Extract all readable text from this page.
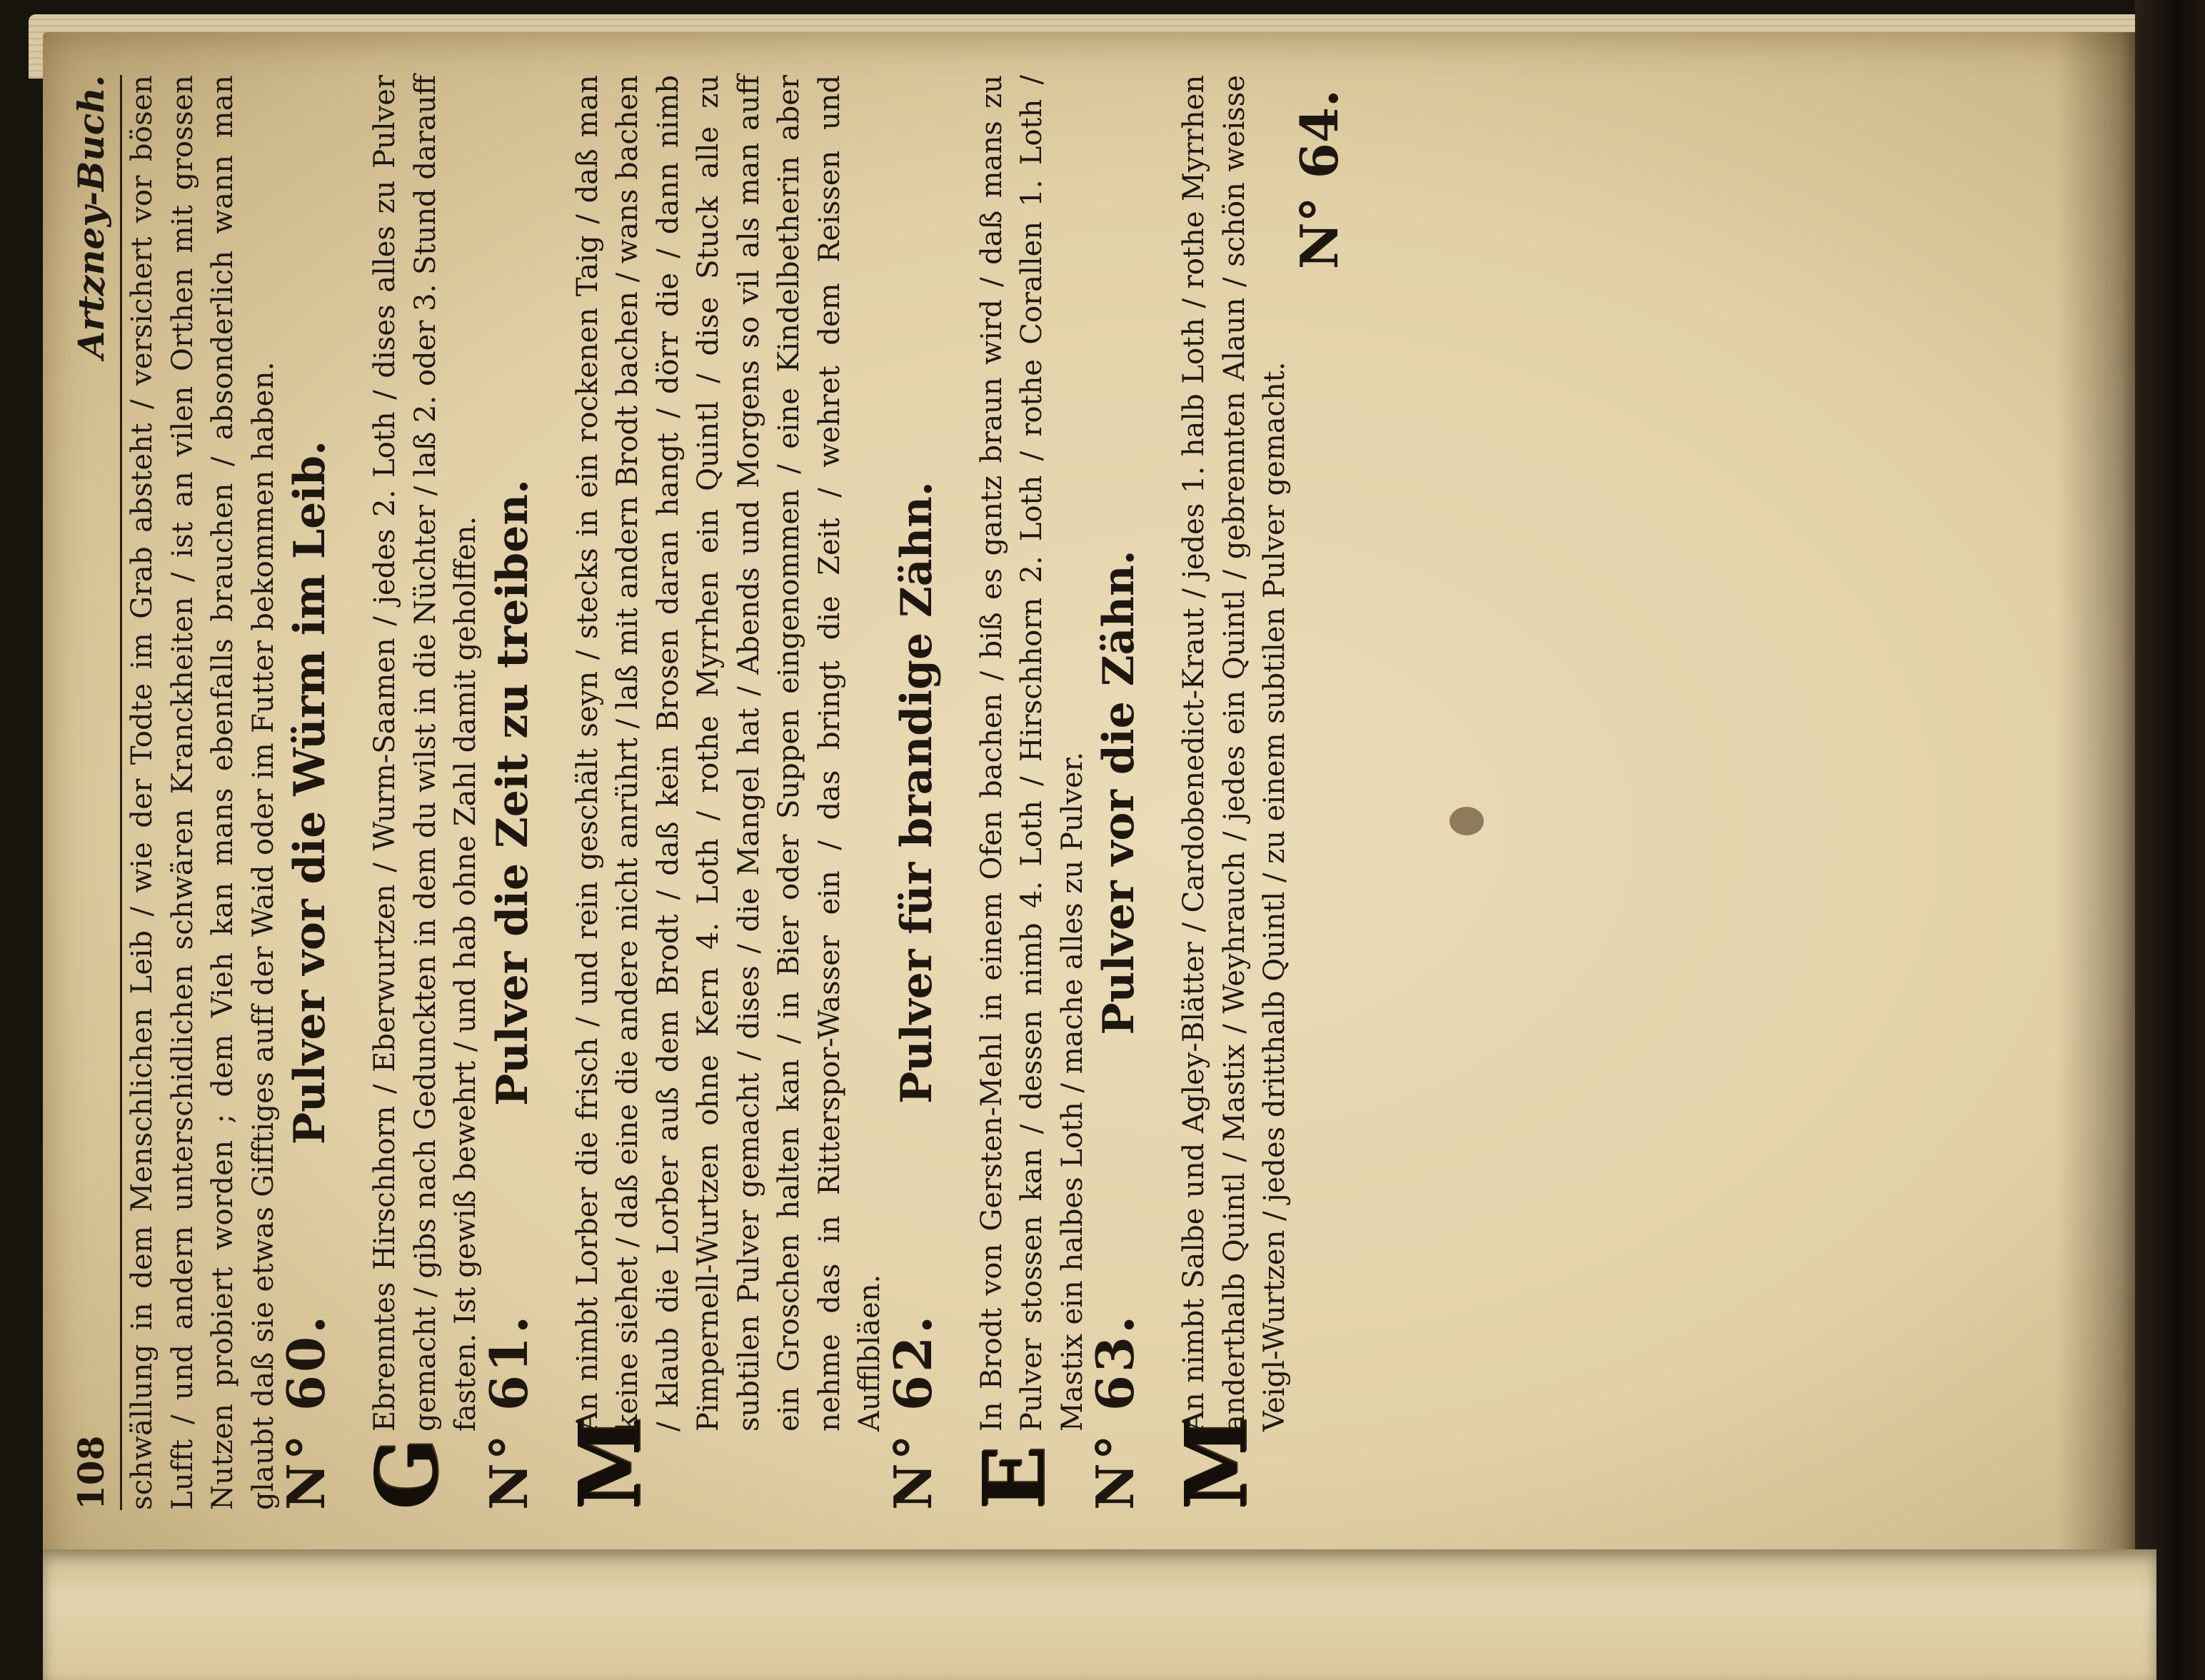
108
Artzney-Buch. schwällung in dem Menschlichen Leib / wie der Todte im Grab absteht / versichert vor bösen Lufft / und andern unterschidlichen schwären Kranckheiten / ist an vilen Orthen mit grossen Nutzen probiert worden ; dem Vieh kan mans ebenfalls brauchen / absonderlich wann man glaubt daß sie etwas Gifftiges auff der Waid oder im Futter bekommen haben.

N° 60.
Pulver vor die Würm im Leib.
G
Ebrenntes Hirschhorn / Eberwurtzen / Wurm-Saamen / jedes 2. Loth / dises alles zu Pulver gemacht / gibs nach Gedunckten in dem du wilst in die Nüchter / laß 2. oder 3. Stund darauff fasten. Ist gewiß bewehrt / und hab ohne Zahl damit geholffen.
N° 61.
Pulver die Zeit zu treiben.
M
An nimbt Lorber die frisch / und rein geschält seyn / stecks in ein rockenen Taig / daß man keine siehet / daß eine die andere nicht anrührt / laß mit andern Brodt bachen / wans bachen / klaub die Lorber auß dem Brodt / daß kein Brosen daran hangt / dörr die / dann nimb Pimpernell-Wurtzen ohne Kern 4. Loth / rothe Myrrhen ein Quintl / dise Stuck alle zu subtilen Pulver gemacht / dises / die Mangel hat / Abends und Morgens so vil als man auff ein Groschen halten kan / in Bier oder Suppen eingenommen / eine Kindelbetherin aber nehme das in Ritterspor-Wasser ein / das bringt die Zeit / wehret dem Reissen und Aufflbläen.
N° 62.
Pulver für brandige Zähn.
E
In Brodt von Gersten-Mehl in einem Ofen bachen / biß es gantz braun wird / daß mans zu Pulver stossen kan / dessen nimb 4. Loth / Hirschhorn 2. Loth / rothe Corallen 1. Loth / Mastix ein halbes Loth / mache alles zu Pulver.
N° 63.
Pulver vor die Zähn.
M
An nimbt Salbe und Agley-Blätter / Cardobenedict-Kraut / jedes 1. halb Loth / rothe Myrrhen anderthalb Quintl / Mastix / Weyhrauch / jedes ein Quintl / gebrennten Alaun / schön weisse Veigl-Wurtzen / jedes dritthalb Quintl / zu einem subtilen Pulver gemacht.
N° 64.
